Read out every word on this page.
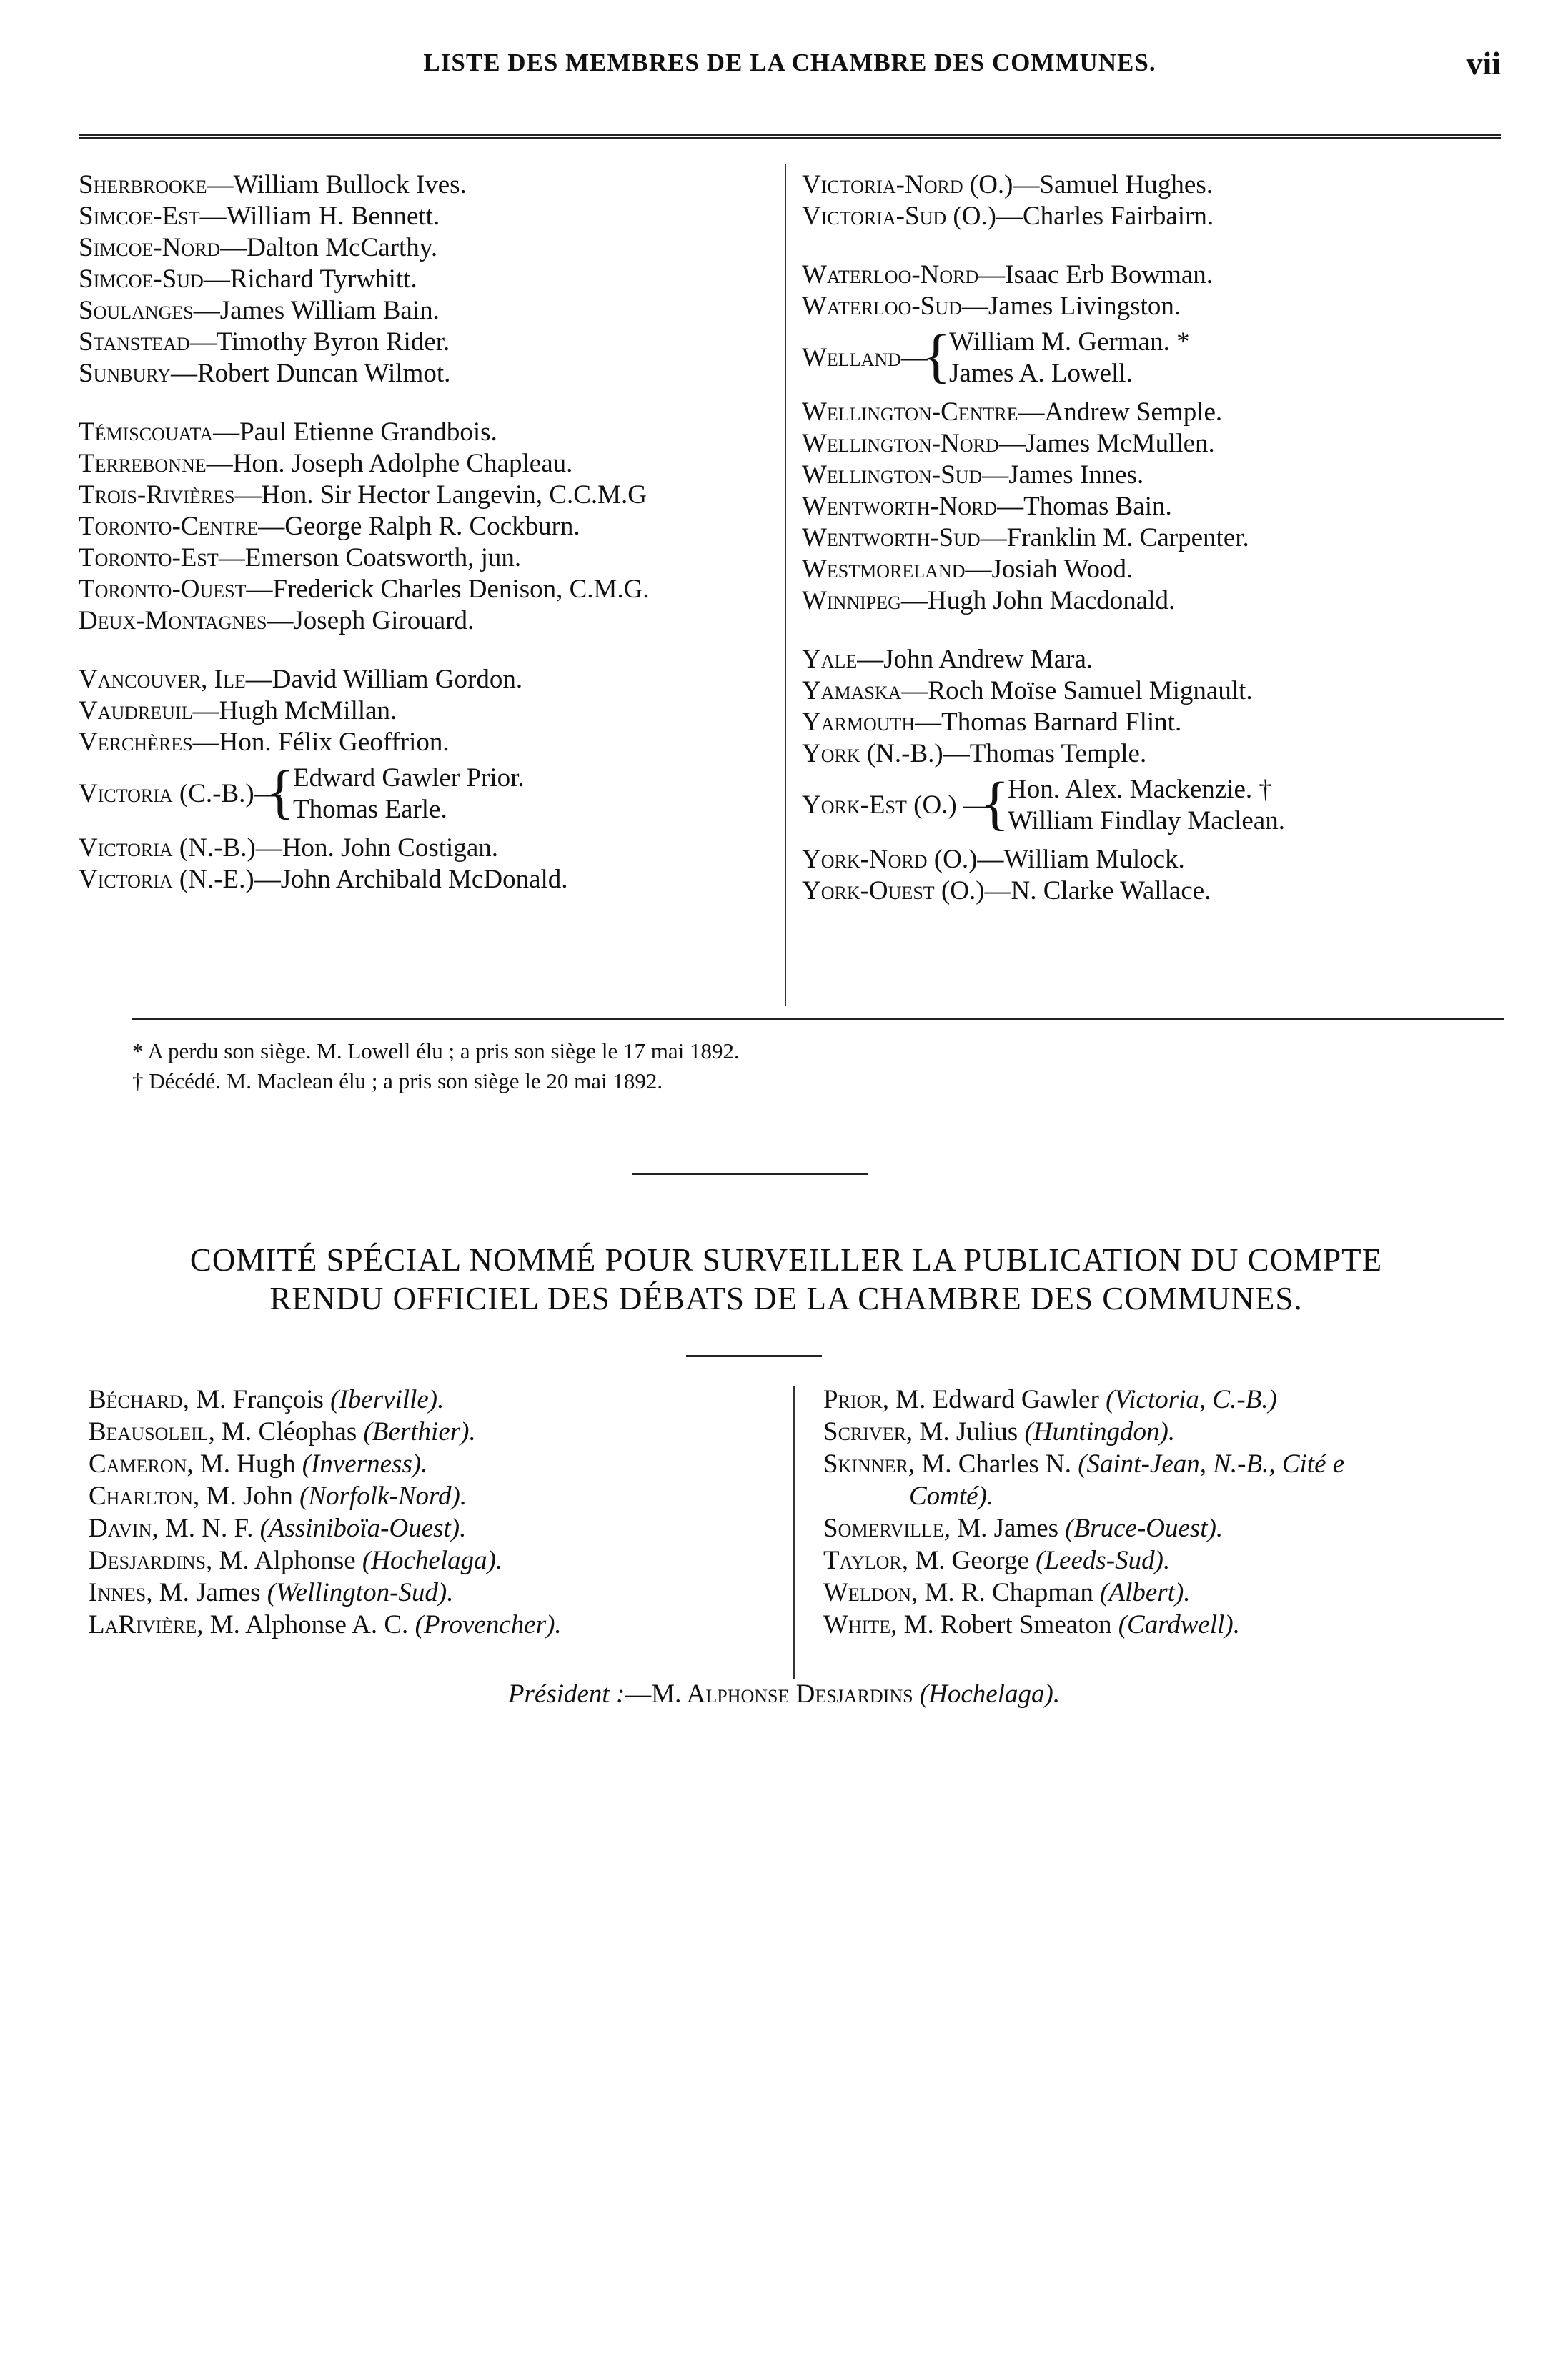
LISTE DES MEMBRES DE LA CHAMBRE DES COMMUNES.	vii
Sherbrooke—William Bullock Ives.
Simcoe-Est—William H. Bennett.
Simcoe-Nord—Dalton McCarthy.
Simcoe-Sud—Richard Tyrwhitt.
Soulanges—James William Bain.
Stanstead—Timothy Byron Rider.
Sunbury—Robert Duncan Wilmot.
Témiscouata—Paul Etienne Grandbois.
Terrebonne—Hon. Joseph Adolphe Chapleau.
Trois-Rivières—Hon. Sir Hector Langevin, C.C.M.G
Toronto-Centre—George Ralph R. Cockburn.
Toronto-Est—Emerson Coatsworth, jun.
Toronto-Ouest—Frederick Charles Denison, C.M.G.
Deux-Montagnes—Joseph Girouard.
Vancouver, Ile—David William Gordon.
Vaudreuil—Hugh McMillan.
Verchères—Hon. Félix Geoffrion.
Victoria (C.-B.)—
{
Edward Gawler Prior.
Thomas Earle.
Victoria (N.-B.)—Hon. John Costigan.
Victoria (N.-E.)—John Archibald McDonald.
Victoria-Nord (O.)—Samuel Hughes.
Victoria-Sud (O.)—Charles Fairbairn.
Waterloo-Nord—Isaac Erb Bowman.
Waterloo-Sud—James Livingston.
Welland—
{
William M. German. *
James A. Lowell.
Wellington-Centre—Andrew Semple.
Wellington-Nord—James McMullen.
Wellington-Sud—James Innes.
Wentworth-Nord—Thomas Bain.
Wentworth-Sud—Franklin M. Carpenter.
Westmoreland—Josiah Wood.
Winnipeg—Hugh John Macdonald.
Yale—John Andrew Mara.
Yamaska—Roch Moïse Samuel Mignault.
Yarmouth—Thomas Barnard Flint.
York (N.-B.)—Thomas Temple.
York-Est (O.) —
{
Hon. Alex. Mackenzie. †
William Findlay Maclean.
York-Nord (O.)—William Mulock.
York-Ouest (O.)—N. Clarke Wallace.
* A perdu son siège. M. Lowell élu ; a pris son siège le 17 mai 1892.
† Décédé. M. Maclean élu ; a pris son siège le 20 mai 1892.
COMITÉ SPÉCIAL NOMMÉ POUR SURVEILLER LA PUBLICATION DU COMPTE
RENDU OFFICIEL DES DÉBATS DE LA CHAMBRE DES COMMUNES.
Béchard, M. François (Iberville).
Beausoleil, M. Cléophas (Berthier).
Cameron, M. Hugh (Inverness).
Charlton, M. John (Norfolk-Nord).
Davin, M. N. F. (Assiniboïa-Ouest).
Desjardins, M. Alphonse (Hochelaga).
Innes, M. James (Wellington-Sud).
LaRivière, M. Alphonse A. C. (Provencher).
Prior, M. Edward Gawler (Victoria, C.-B.)
Scriver, M. Julius (Huntingdon).
Skinner, M. Charles N. (Saint-Jean, N.-B., Cité e
Comté).
Somerville, M. James (Bruce-Ouest).
Taylor, M. George (Leeds-Sud).
Weldon, M. R. Chapman (Albert).
White, M. Robert Smeaton (Cardwell).
Président :—M. Alphonse Desjardins (Hochelaga).
